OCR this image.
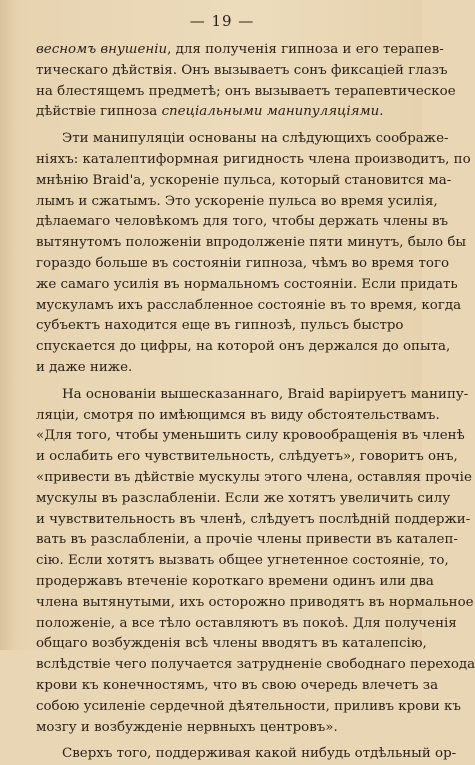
— 19 —
весномъ внушеніи, для полученія гипноза и его терапев-
тическаго дѣйствія. Онъ вызываетъ сонъ фиксаціей глазъ
на блестящемъ предметѣ; онъ вызываетъ терапевтическое
дѣйствіе гипноза спеціальными манипуляціями.
Эти манипуляціи основаны на слѣдующихъ соображе-
ніяхъ: каталептиформная ригидность члена производитъ, по
мнѣнію Braid'а, ускореніе пульса, который становится ма-
лымъ и сжатымъ. Это ускореніе пульса во время усилія,
дѣлаемаго человѣкомъ для того, чтобы держать члены въ
вытянутомъ положеніи впродолженіе пяти минутъ, было бы
гораздо больше въ состояніи гипноза, чѣмъ во время того
же самаго усилія въ нормальномъ состояніи. Если придать
мускуламъ ихъ расслабленное состояніе въ то время, когда
субъектъ находится еще въ гипнозѣ, пульсъ быстро
спускается до цифры, на которой онъ держался до опыта,
и даже ниже.
На основаніи вышесказаннаго, Braid варіируетъ манипу-
ляціи, смотря по имѣющимся въ виду обстоятельствамъ.
«Для того, чтобы уменьшить силу кровообращенія въ членѣ
и ослабить его чувствительность, слѣдуетъ», говоритъ онъ,
«привести въ дѣйствіе мускулы этого члена, оставляя прочіе
мускулы въ разслабленіи. Если же хотятъ увеличить силу
и чувствительность въ членѣ, слѣдуетъ послѣдній поддержи-
вать въ разслабленіи, а прочіе члены привести въ каталеп-
сію. Если хотятъ вызвать общее угнетенное состояніе, то,
продержавъ втеченіе короткаго времени одинъ или два
члена вытянутыми, ихъ осторожно приводятъ въ нормальное
положеніе, а все тѣло оставляютъ въ покоѣ. Для полученія
общаго возбужденія всѣ члены вводятъ въ каталепсію,
вслѣдствіе чего получается затрудненіе свободнаго перехода
крови къ конечностямъ, что въ свою очередь влечетъ за
собою усиленіе сердечной дѣятельности, приливъ крови къ
мозгу и возбужденіе нервныхъ центровъ».
Сверхъ того, поддерживая какой нибудь отдѣльный ор-
